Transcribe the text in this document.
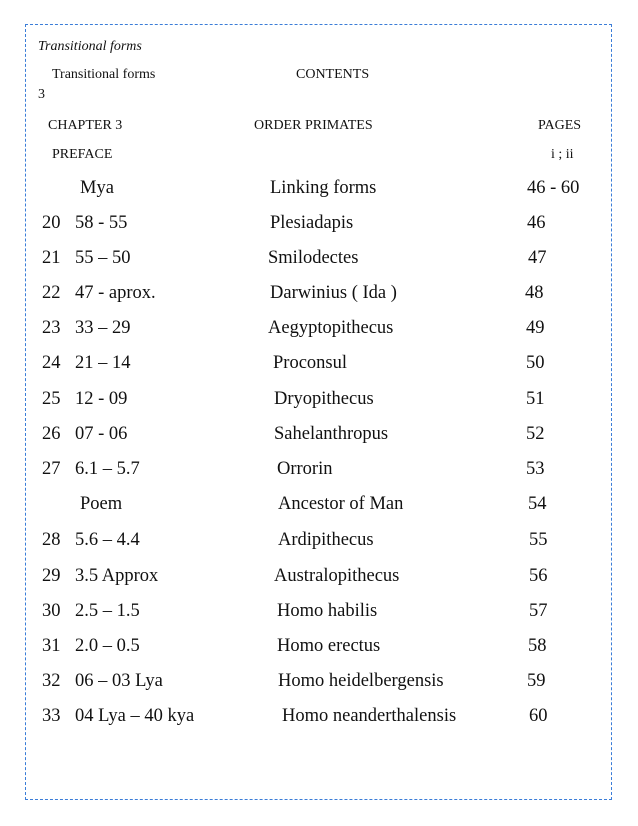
Transitional forms
Transitional forms	CONTENTS
3
CHAPTER 3	ORDER PRIMATES	PAGES
PREFACE	i ; ii
Mya	Linking forms	46 - 60
20 58 - 55	Plesiadapis	46
21 55 – 50	Smilodectes	47
22 47 - aprox.	Darwinius ( Ida )	48
23 33 – 29	Aegyptopithecus	49
24 21 – 14	Proconsul	50
25 12 - 09	Dryopithecus	51
26 07 - 06	Sahelanthropus	52
27 6.1 – 5.7	Orrorin	53
Poem	Ancestor of Man	54
28 5.6 – 4.4	Ardipithecus	55
29 3.5 Approx	Australopithecus	56
30 2.5 – 1.5	Homo habilis	57
31 2.0 – 0.5	Homo erectus	58
32 06 – 03 Lya	Homo heidelbergensis	59
33 04 Lya – 40 kya	Homo neanderthalensis	60
